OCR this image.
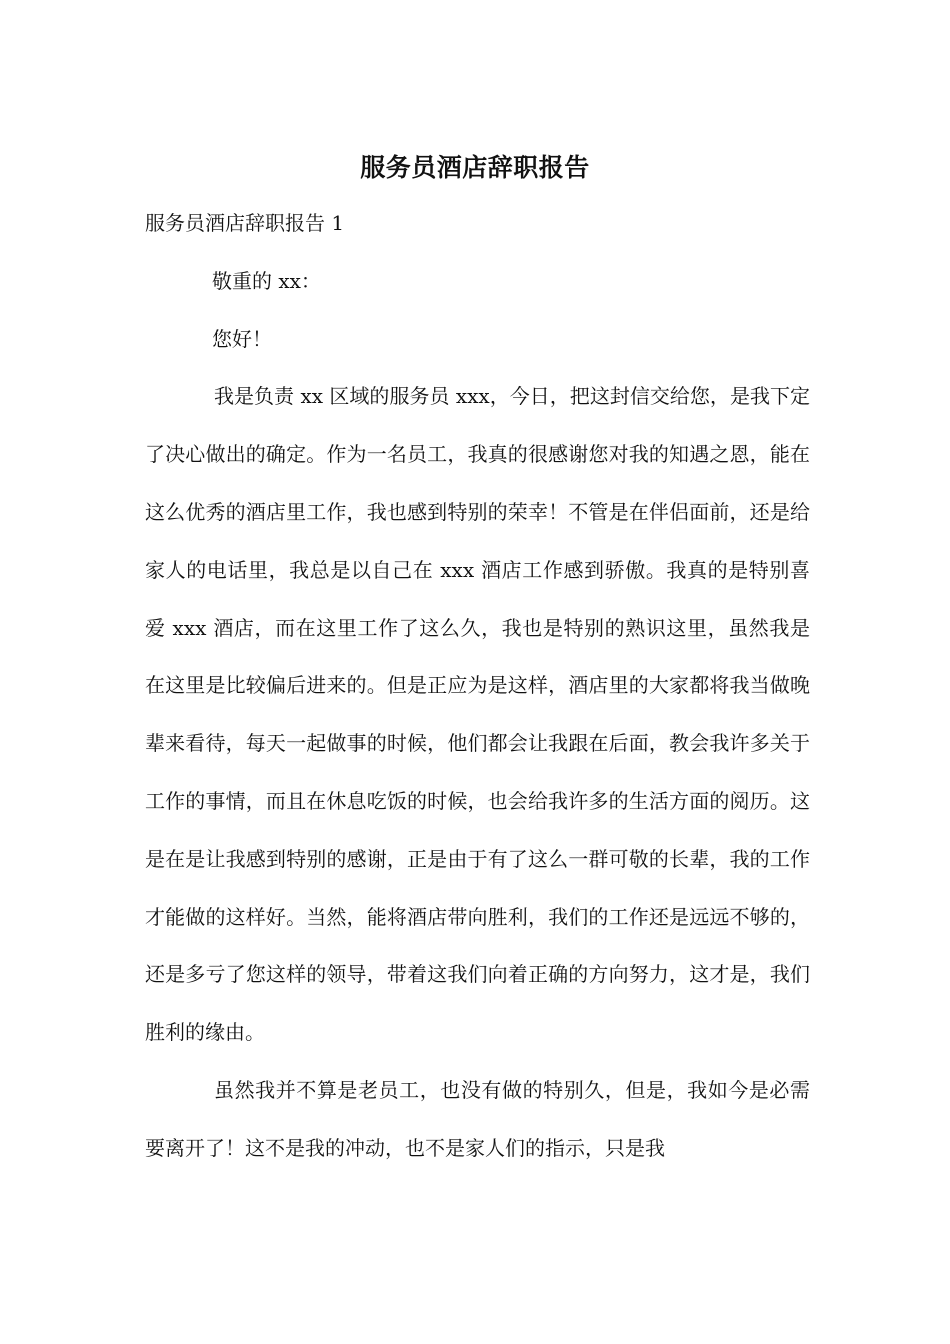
服务员酒店辞职报告

服务员酒店辞职报告 1

敬重的 xx：

您好！

我是负责 xx 区域的服务员 xxx，今日，把这封信交给您，是我下定了决心做出的确定。作为一名员工，我真的很感谢您对我的知遇之恩，能在这么优秀的酒店里工作，我也感到特别的荣幸！不管是在伴侣面前，还是给家人的电话里，我总是以自己在 xxx 酒店工作感到骄傲。我真的是特别喜爱 xxx 酒店，而在这里工作了这么久，我也是特别的熟识这里，虽然我是在这里是比较偏后进来的。但是正应为是这样，酒店里的大家都将我当做晚辈来看待，每天一起做事的时候，他们都会让我跟在后面，教会我许多关于工作的事情，而且在休息吃饭的时候，也会给我许多的生活方面的阅历。这是在是让我感到特别的感谢，正是由于有了这么一群可敬的长辈，我的工作才能做的这样好。当然，能将酒店带向胜利，我们的工作还是远远不够的，还是多亏了您这样的领导，带着这我们向着正确的方向努力，这才是，我们胜利的缘由。

虽然我并不算是老员工，也没有做的特别久，但是，我如今是必需要离开了！这不是我的冲动，也不是家人们的指示，只是我
